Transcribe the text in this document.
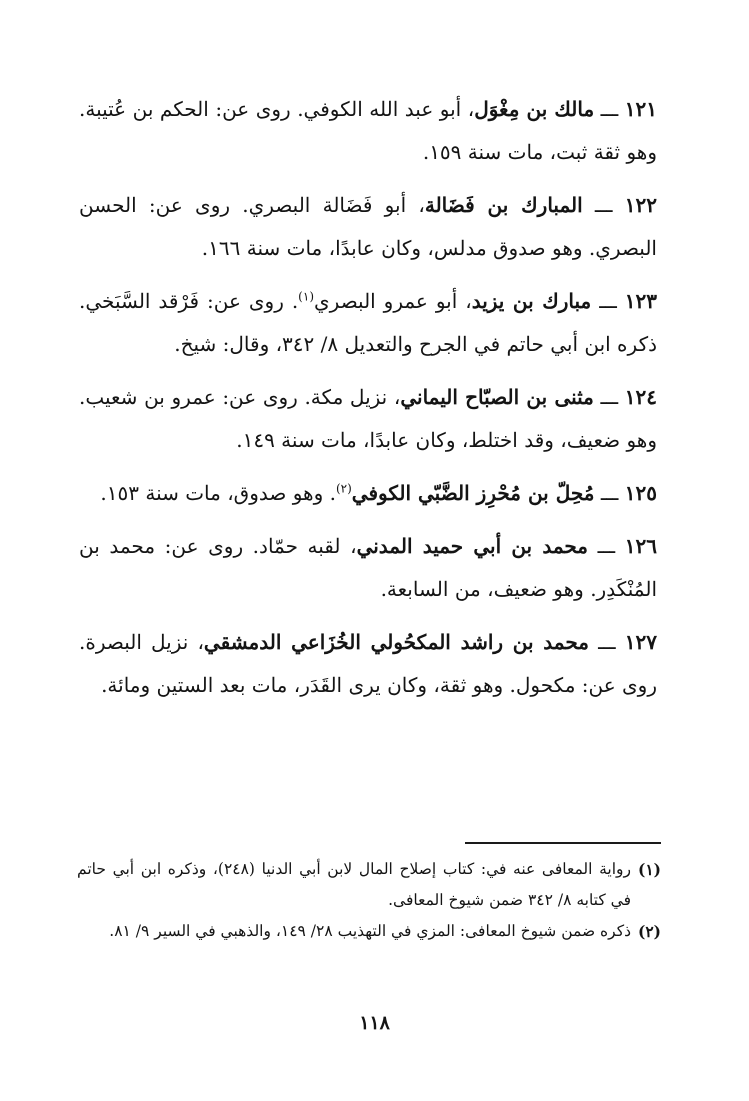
١٢١ ـــ مالك بن مِغْوَل، أبو عبد الله الكوفي. روى عن: الحكم بن عُتيبة. وهو ثقة ثبت، مات سنة ١٥٩.

١٢٢ ـــ المبارك بن فَضَالة، أبو فَضَالة البصري. روى عن: الحسن البصري. وهو صدوق مدلس، وكان عابدًا، مات سنة ١٦٦.

١٢٣ ـــ مبارك بن يزيد، أبو عمرو البصري$^{(١)}$. روى عن: فَرْقد السَّبَخي. ذكره ابن أبي حاتم في الجرح والتعديل ٨/ ٣٤٢، وقال: شيخ.

١٢٤ ـــ مثنى بن الصبّاح اليماني، نزيل مكة. روى عن: عمرو بن شعيب. وهو ضعيف، وقد اختلط، وكان عابدًا، مات سنة ١٤٩.

١٢٥ ـــ مُحِلّ بن مُحْرِز الضَّبّي الكوفي$^{(٢)}$. وهو صدوق، مات سنة ١٥٣.

١٢٦ ـــ محمد بن أبي حميد المدني، لقبه حمّاد. روى عن: محمد بن المُنْكَدِر. وهو ضعيف، من السابعة.

١٢٧ ـــ محمد بن راشد المكحُولي الخُزَاعي الدمشقي، نزيل البصرة. روى عن: مكحول. وهو ثقة، وكان يرى القَدَر، مات بعد الستين ومائة.

(١)
رواية المعافى عنه في: كتاب إصلاح المال لابن أبي الدنيا (٢٤٨)، وذكره ابن أبي حاتم في كتابه ٨/ ٣٤٢ ضمن شيوخ المعافى.
(٢)
ذكره ضمن شيوخ المعافى: المزي في التهذيب ٢٨/ ١٤٩، والذهبي في السير ٩/ ٨١.
١١٨
